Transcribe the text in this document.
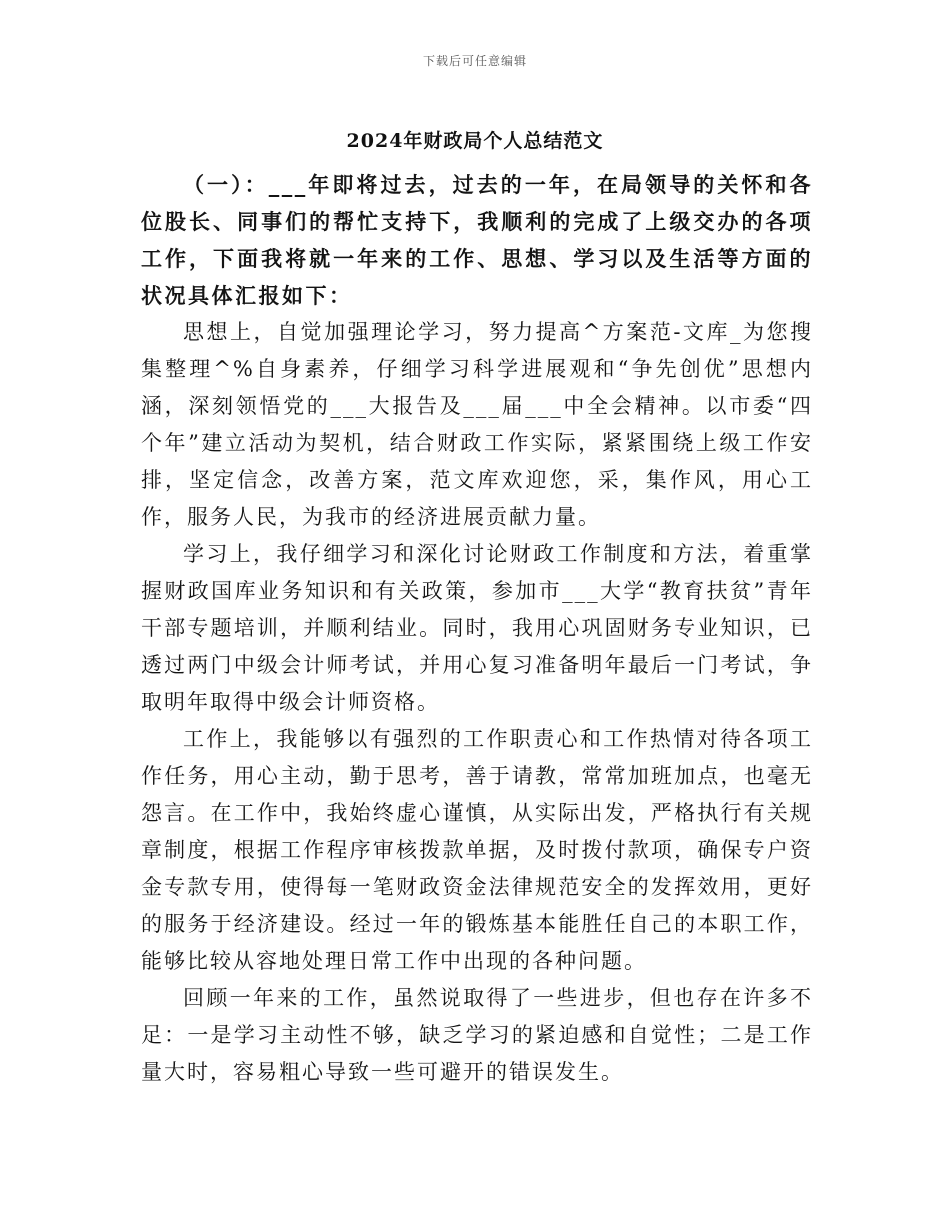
下载后可任意编辑
2024年财政局个人总结范文

（一）：___年即将过去，过去的一年，在局领导的关怀和各位股长、同事们的帮忙支持下，我顺利的完成了上级交办的各项工作，下面我将就一年来的工作、思想、学习以及生活等方面的状况具体汇报如下：

思想上，自觉加强理论学习，努力提高^方案范-文库_为您搜集整理^%自身素养，仔细学习科学进展观和“争先创优”思想内涵，深刻领悟党的___大报告及___届___中全会精神。以市委“四个年”建立活动为契机，结合财政工作实际，紧紧围绕上级工作安排，坚定信念，改善方案，范文库欢迎您，采，集作风，用心工作，服务人民，为我市的经济进展贡献力量。

学习上，我仔细学习和深化讨论财政工作制度和方法，着重掌握财政国库业务知识和有关政策，参加市___大学“教育扶贫”青年干部专题培训，并顺利结业。同时，我用心巩固财务专业知识，已透过两门中级会计师考试，并用心复习准备明年最后一门考试，争取明年取得中级会计师资格。

工作上，我能够以有强烈的工作职责心和工作热情对待各项工作任务，用心主动，勤于思考，善于请教，常常加班加点，也毫无怨言。在工作中，我始终虚心谨慎，从实际出发，严格执行有关规章制度，根据工作程序审核拨款单据，及时拨付款项，确保专户资金专款专用，使得每一笔财政资金法律规范安全的发挥效用，更好的服务于经济建设。经过一年的锻炼基本能胜任自己的本职工作，能够比较从容地处理日常工作中出现的各种问题。

回顾一年来的工作，虽然说取得了一些进步，但也存在许多不足：一是学习主动性不够，缺乏学习的紧迫感和自觉性；二是工作量大时，容易粗心导致一些可避开的错误发生。
